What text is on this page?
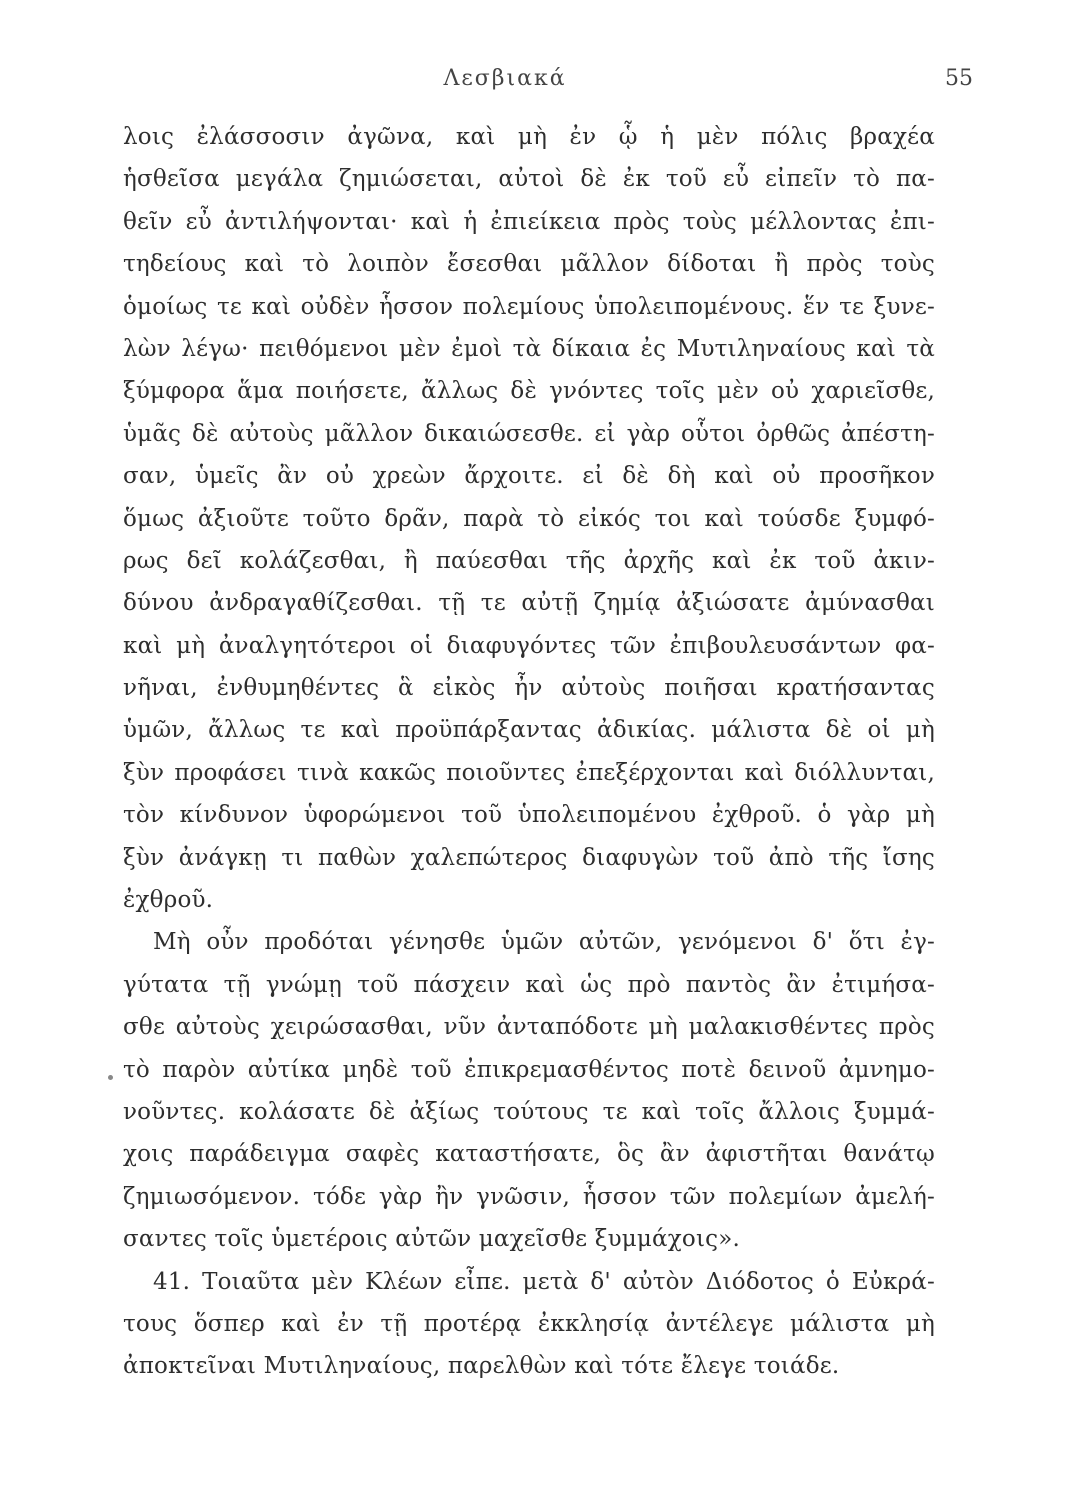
Λεσβιακά	55
λοις ἐλάσσοσιν ἀγῶνα, καὶ μὴ ἐν ᾧ ἡ μὲν πόλις βραχέα
ἡσθεῖσα μεγάλα ζημιώσεται, αὐτοὶ δὲ ἐκ τοῦ εὖ εἰπεῖν τὸ πα-
θεῖν εὖ ἀντιλήψονται· καὶ ἡ ἐπιείκεια πρὸς τοὺς μέλλοντας ἐπι-
τηδείους καὶ τὸ λοιπὸν ἔσεσθαι μᾶλλον δίδοται ἢ πρὸς τοὺς
ὁμοίως τε καὶ οὐδὲν ἧσσον πολεμίους ὑπολειπομένους. ἕν τε ξυνε-
λὼν λέγω· πειθόμενοι μὲν ἐμοὶ τὰ δίκαια ἐς Μυτιληναίους καὶ τὰ
ξύμφορα ἅμα ποιήσετε, ἄλλως δὲ γνόντες τοῖς μὲν οὐ χαριεῖσθε,
ὑμᾶς δὲ αὐτοὺς μᾶλλον δικαιώσεσθε. εἰ γὰρ οὗτοι ὀρθῶς ἀπέστη-
σαν, ὑμεῖς ἂν οὐ χρεὼν ἄρχοιτε. εἰ δὲ δὴ καὶ οὐ προσῆκον
ὅμως ἀξιοῦτε τοῦτο δρᾶν, παρὰ τὸ εἰκός τοι καὶ τούσδε ξυμφό-
ρως δεῖ κολάζεσθαι, ἢ παύεσθαι τῆς ἀρχῆς καὶ ἐκ τοῦ ἀκιν-
δύνου ἀνδραγαθίζεσθαι. τῇ τε αὐτῇ ζημίᾳ ἀξιώσατε ἀμύνασθαι
καὶ μὴ ἀναλγητότεροι οἱ διαφυγόντες τῶν ἐπιβουλευσάντων φα-
νῆναι, ἐνθυμηθέντες ἃ εἰκὸς ἦν αὐτοὺς ποιῆσαι κρατήσαντας
ὑμῶν, ἄλλως τε καὶ προϋπάρξαντας ἀδικίας. μάλιστα δὲ οἱ μὴ
ξὺν προφάσει τινὰ κακῶς ποιοῦντες ἐπεξέρχονται καὶ διόλλυνται,
τὸν κίνδυνον ὑφορώμενοι τοῦ ὑπολειπομένου ἐχθροῦ. ὁ γὰρ μὴ
ξὺν ἀνάγκῃ τι παθὼν χαλεπώτερος διαφυγὼν τοῦ ἀπὸ τῆς ἴσης
ἐχθροῦ.
Μὴ οὖν προδόται γένησθε ὑμῶν αὐτῶν, γενόμενοι δ' ὅτι ἐγ-
γύτατα τῇ γνώμῃ τοῦ πάσχειν καὶ ὡς πρὸ παντὸς ἂν ἐτιμήσα-
σθε αὐτοὺς χειρώσασθαι, νῦν ἀνταπόδοτε μὴ μαλακισθέντες πρὸς
τὸ παρὸν αὐτίκα μηδὲ τοῦ ἐπικρεμασθέντος ποτὲ δεινοῦ ἀμνημο-
νοῦντες. κολάσατε δὲ ἀξίως τούτους τε καὶ τοῖς ἄλλοις ξυμμά-
χοις παράδειγμα σαφὲς καταστήσατε, ὃς ἂν ἀφιστῆται θανάτῳ
ζημιωσόμενον. τόδε γὰρ ἢν γνῶσιν, ἧσσον τῶν πολεμίων ἀμελή-
σαντες τοῖς ὑμετέροις αὐτῶν μαχεῖσθε ξυμμάχοις».
41. Τοιαῦτα μὲν Κλέων εἶπε. μετὰ δ' αὐτὸν Διόδοτος ὁ Εὐκρά-
τους ὅσπερ καὶ ἐν τῇ προτέρᾳ ἐκκλησίᾳ ἀντέλεγε μάλιστα μὴ
ἀποκτεῖναι Μυτιληναίους, παρελθὼν καὶ τότε ἔλεγε τοιάδε.
